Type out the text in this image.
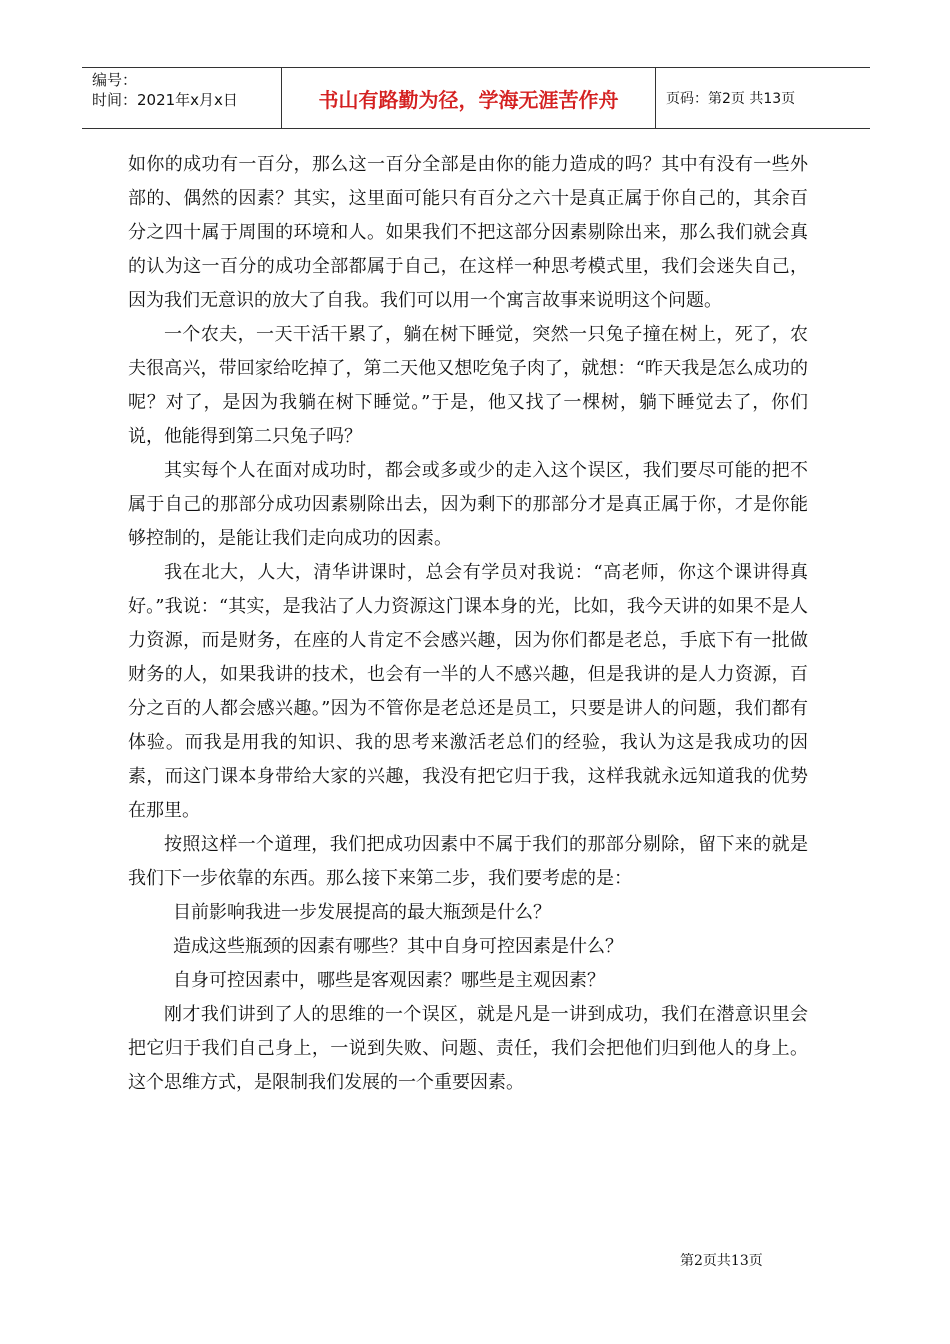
编号：
时间：2021年x月x日	书山有路勤为径，学海无涯苦作舟	页码：第2页 共13页

如你的成功有一百分，那么这一百分全部是由你的能力造成的吗？其中有没有一些外部的、偶然的因素？其实，这里面可能只有百分之六十是真正属于你自己的，其余百分之四十属于周围的环境和人。如果我们不把这部分因素剔除出来，那么我们就会真的认为这一百分的成功全部都属于自己，在这样一种思考模式里，我们会迷失自己，因为我们无意识的放大了自我。我们可以用一个寓言故事来说明这个问题。

一个农夫，一天干活干累了，躺在树下睡觉，突然一只兔子撞在树上，死了，农夫很高兴，带回家给吃掉了，第二天他又想吃兔子肉了，就想：“昨天我是怎么成功的呢？对了，是因为我躺在树下睡觉。”于是，他又找了一棵树，躺下睡觉去了，你们说，他能得到第二只兔子吗？

其实每个人在面对成功时，都会或多或少的走入这个误区，我们要尽可能的把不属于自己的那部分成功因素剔除出去，因为剩下的那部分才是真正属于你，才是你能够控制的，是能让我们走向成功的因素。

我在北大，人大，清华讲课时，总会有学员对我说：“高老师，你这个课讲得真好。”我说：“其实，是我沾了人力资源这门课本身的光，比如，我今天讲的如果不是人力资源，而是财务，在座的人肯定不会感兴趣，因为你们都是老总，手底下有一批做财务的人，如果我讲的技术，也会有一半的人不感兴趣，但是我讲的是人力资源，百分之百的人都会感兴趣。”因为不管你是老总还是员工，只要是讲人的问题，我们都有体验。而我是用我的知识、我的思考来激活老总们的经验，我认为这是我成功的因素，而这门课本身带给大家的兴趣，我没有把它归于我，这样我就永远知道我的优势在那里。

按照这样一个道理，我们把成功因素中不属于我们的那部分剔除，留下来的就是我们下一步依靠的东西。那么接下来第二步，我们要考虑的是：

目前影响我进一步发展提高的最大瓶颈是什么？

造成这些瓶颈的因素有哪些？其中自身可控因素是什么？

自身可控因素中，哪些是客观因素？哪些是主观因素？

刚才我们讲到了人的思维的一个误区，就是凡是一讲到成功，我们在潜意识里会把它归于我们自己身上，一说到失败、问题、责任，我们会把他们归到他人的身上。这个思维方式，是限制我们发展的一个重要因素。

第2页共13页
